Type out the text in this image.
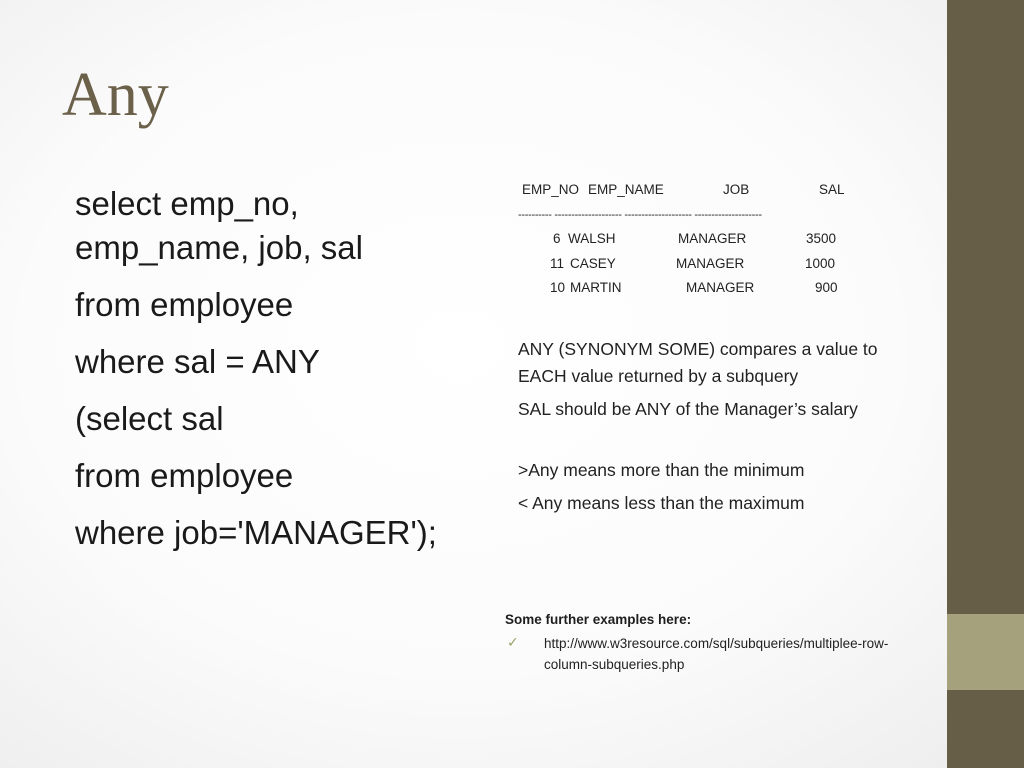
Any
select emp_no, emp_name, job, sal
from employee
where sal = ANY
(select sal
from employee
where job='MANAGER');
EMP_NO EMP_NAME	JOB	SAL
---------- -------------------- -------------------- --------------------
6 WALSH	MANAGER	3500
11 CASEY	MANAGER	1000
10 MARTIN	MANAGER	900

ANY (SYNONYM SOME) compares a value to EACH value returned by a subquery

SAL should be ANY of the Manager’s salary

>Any means more than the minimum

< Any means less than the maximum

Some further examples here:
✓ http://www.w3resource.com/sql/subqueries/multiplee-row-column-subqueries.php
